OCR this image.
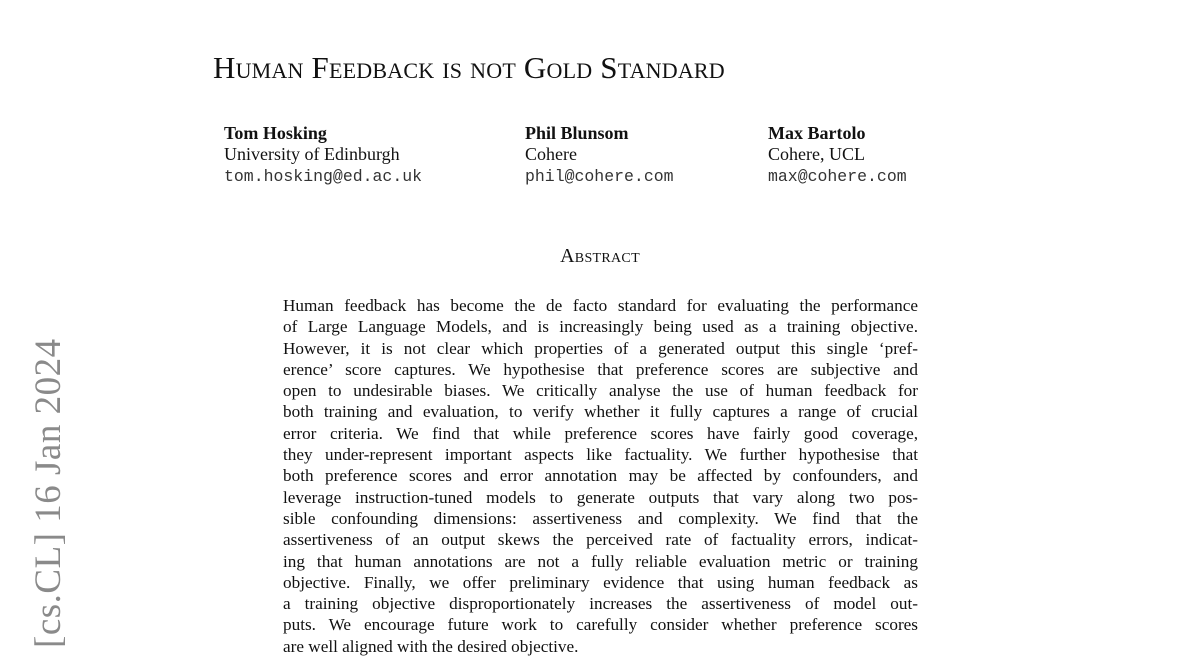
Human Feedback is not Gold Standard
Tom Hosking
University of Edinburgh
tom.hosking@ed.ac.uk
Phil Blunsom
Cohere
phil@cohere.com
Max Bartolo
Cohere, UCL
max@cohere.com
Abstract
Human feedback has become the de facto standard for evaluating the performance
of Large Language Models, and is increasingly being used as a training objective.
However, it is not clear which properties of a generated output this single ‘pref-
erence’ score captures. We hypothesise that preference scores are subjective and
open to undesirable biases. We critically analyse the use of human feedback for
both training and evaluation, to verify whether it fully captures a range of crucial
error criteria. We find that while preference scores have fairly good coverage,
they under-represent important aspects like factuality. We further hypothesise that
both preference scores and error annotation may be affected by confounders, and
leverage instruction-tuned models to generate outputs that vary along two pos-
sible confounding dimensions: assertiveness and complexity. We find that the
assertiveness of an output skews the perceived rate of factuality errors, indicat-
ing that human annotations are not a fully reliable evaluation metric or training
objective. Finally, we offer preliminary evidence that using human feedback as
a training objective disproportionately increases the assertiveness of model out-
puts. We encourage future work to carefully consider whether preference scores
are well aligned with the desired objective.
[cs.CL] 16 Jan 2024
